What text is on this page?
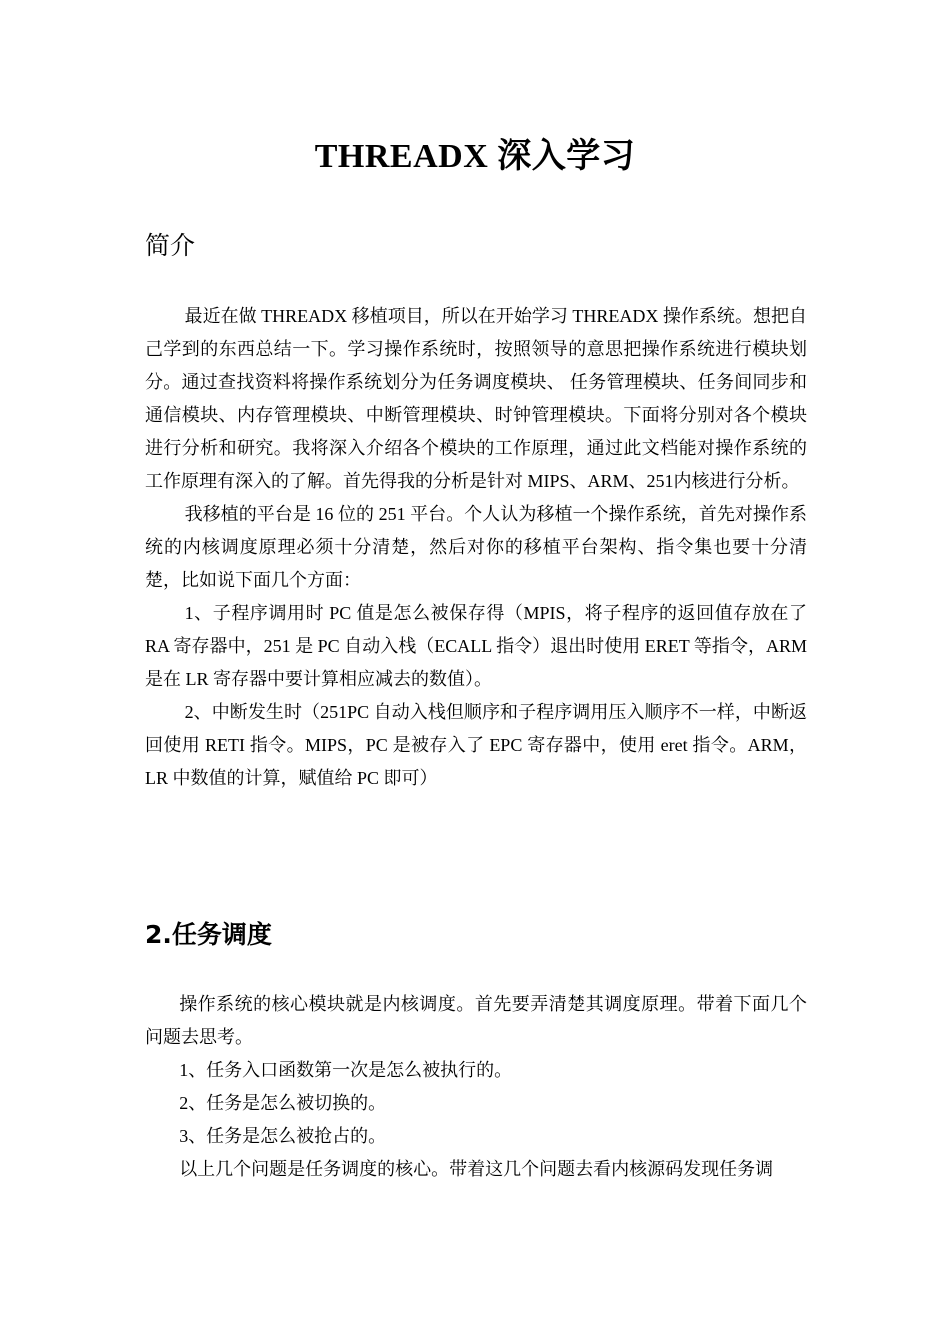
THREADX 深入学习
简介

最近在做 THREADX 移植项目，所以在开始学习 THREADX 操作系统。想把自己学到的东西总结一下。学习操作系统时，按照领导的意思把操作系统进行模块划分。通过查找资料将操作系统划分为任务调度模块、 任务管理模块、任务间同步和通信模块、内存管理模块、中断管理模块、时钟管理模块。下面将分别对各个模块进行分析和研究。我将深入介绍各个模块的工作原理，通过此文档能对操作系统的工作原理有深入的了解。首先得我的分析是针对 MIPS、ARM、251内核进行分析。

我移植的平台是 16 位的 251 平台。个人认为移植一个操作系统，首先对操作系统的内核调度原理必须十分清楚，然后对你的移植平台架构、指令集也要十分清楚，比如说下面几个方面：

1、子程序调用时 PC 值是怎么被保存得（MPIS，将子程序的返回值存放在了 RA 寄存器中，251 是 PC 自动入栈（ECALL 指令）退出时使用 ERET 等指令，ARM 是在 LR 寄存器中要计算相应减去的数值）。

2、中断发生时（251PC 自动入栈但顺序和子程序调用压入顺序不一样，中断返回使用 RETI 指令。MIPS，PC 是被存入了 EPC 寄存器中，使用 eret 指令。ARM，LR 中数值的计算，赋值给 PC 即可）

2.任务调度

操作系统的核心模块就是内核调度。首先要弄清楚其调度原理。带着下面几个问题去思考。

1、任务入口函数第一次是怎么被执行的。

2、任务是怎么被切换的。

3、任务是怎么被抢占的。

以上几个问题是任务调度的核心。带着这几个问题去看内核源码发现任务调
